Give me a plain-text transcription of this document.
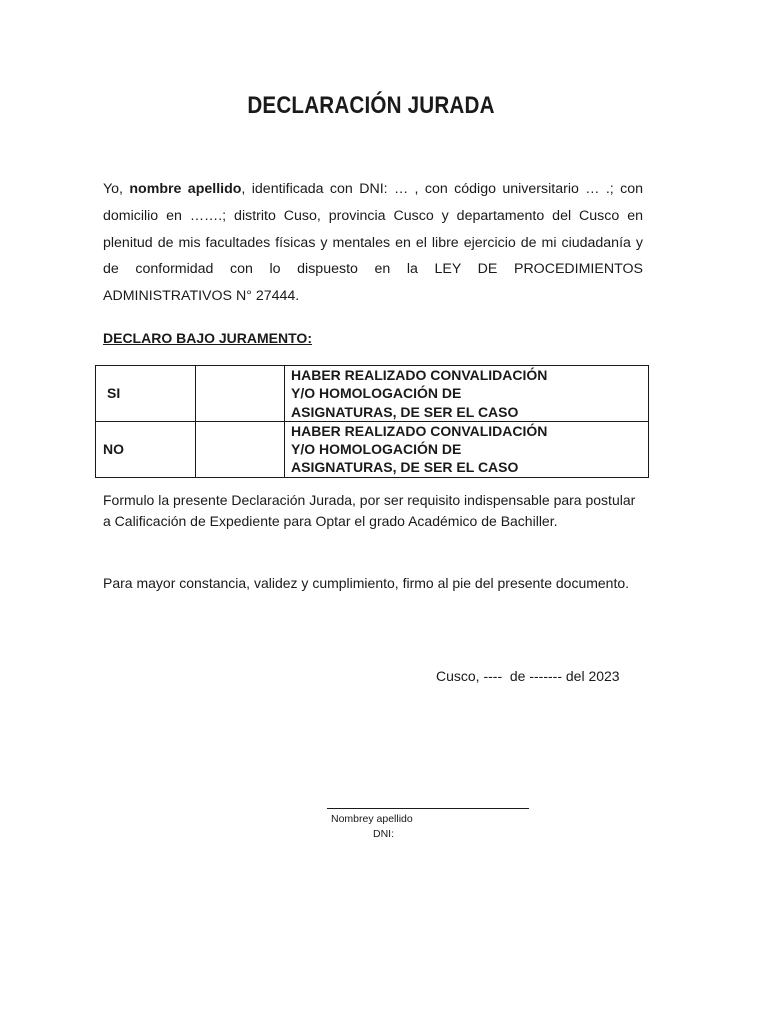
DECLARACIÓN JURADA

Yo, nombre apellido, identificada con DNI: … , con código universitario … .; con domicilio en …….; distrito Cuso, provincia Cusco y departamento del Cusco en plenitud de mis facultades físicas y mentales en el libre ejercicio de mi ciudadanía y de conformidad con lo dispuesto en la LEY DE PROCEDIMIENTOS ADMINISTRATIVOS N° 27444.

DECLARO BAJO JURAMENTO:
SI		HABER REALIZADO CONVALIDACIÓN
Y/O HOMOLOGACIÓN DE
ASIGNATURAS, DE SER EL CASO

NO		HABER REALIZADO CONVALIDACIÓN
Y/O HOMOLOGACIÓN DE
ASIGNATURAS, DE SER EL CASO

Formulo la presente Declaración Jurada, por ser requisito indispensable para postular a Calificación de Expediente para Optar el grado Académico de Bachiller.

Para mayor constancia, validez y cumplimiento, firmo al pie del presente documento.

Cusco, ----  de ------- del 2023
Nombrey apellido
DNI:
